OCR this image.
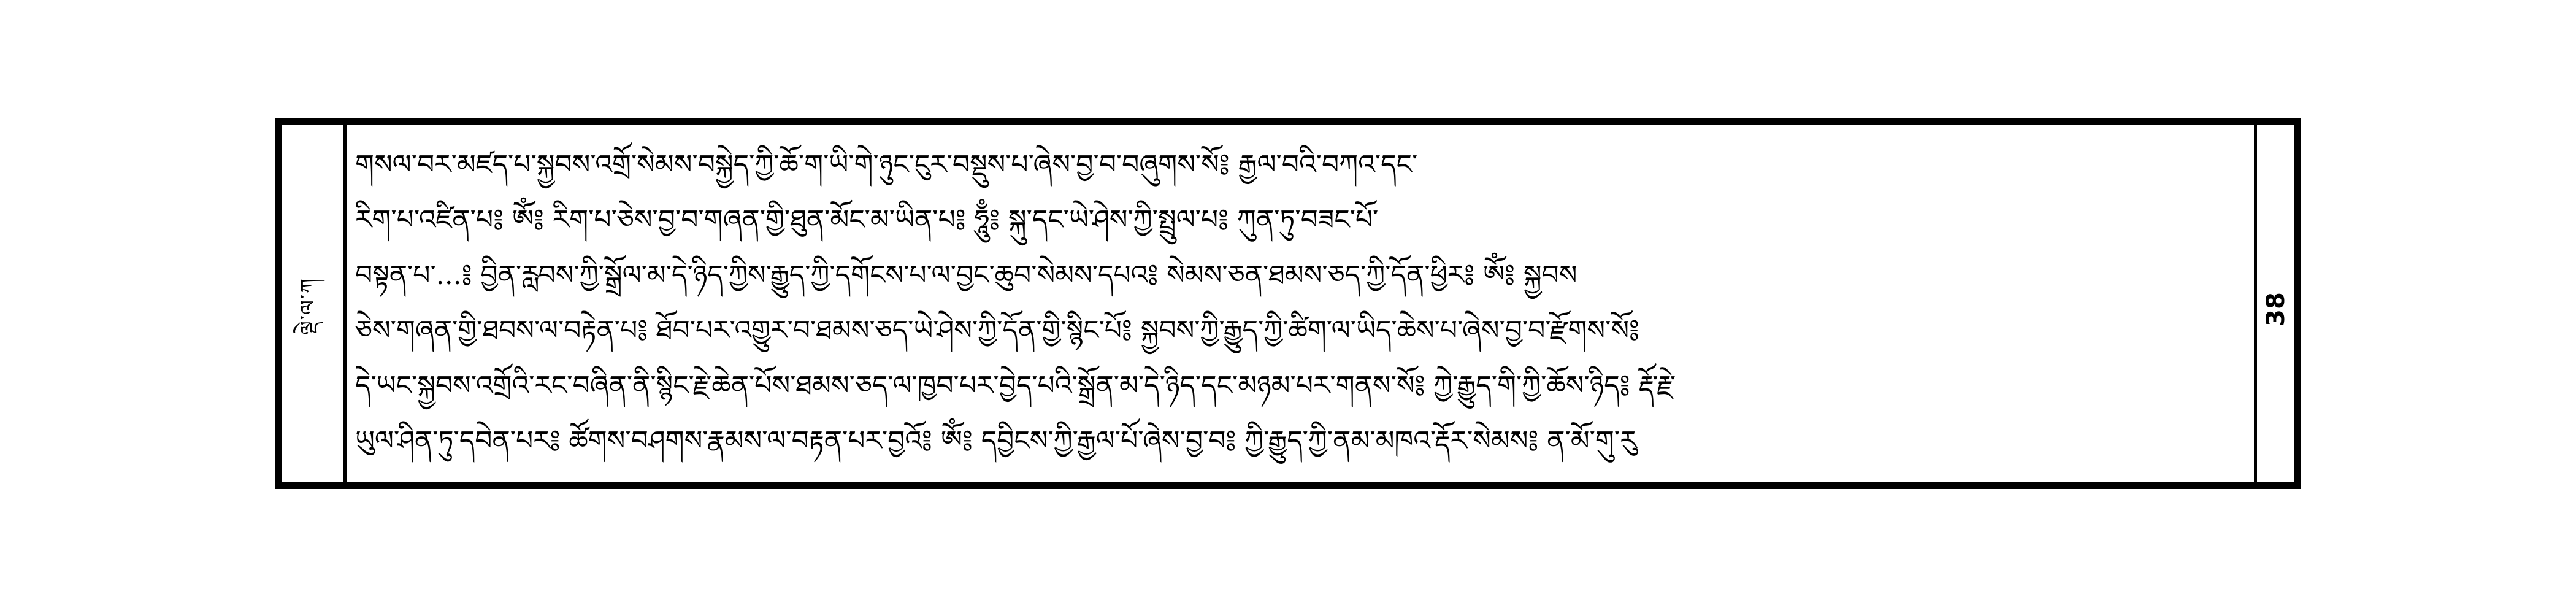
ལྡེ་ལ་ཀ
གསལ་བར་མཛད་པ་སྐྱབས་འགྲོ་སེམས་བསྐྱེད་ཀྱི་ཆོ་ག་ཡི་གེ་ཉུང་ངུར་བསྡུས་པ་ཞེས་བྱ་བ་བཞུགས་སོ༔ རྒྱལ་བའི་བཀའ་དང་
རིག་པ་འཛིན་པ༔ ༀ༔ རིག་པ་ཅེས་བྱ་བ་གཞན་གྱི་ཐུན་མོང་མ་ཡིན་པ༔ ཧཱུྃ༔ སྐུ་དང་ཡེ་ཤེས་ཀྱི་སྤྲུལ་པ༔ ཀུན་ཏུ་བཟང་པོ་
བསྟན་པ་...༔ བྱིན་རླབས་ཀྱི་སྒྲོལ་མ་དེ་ཉིད་ཀྱིས་རྒྱུད་ཀྱི་དགོངས་པ་ལ་བྱང་ཆུབ་སེམས་དཔའ༔ སེམས་ཅན་ཐམས་ཅད་ཀྱི་དོན་ཕྱིར༔ ༀ༔ སྐྱབས
ཅེས་གཞན་གྱི་ཐབས་ལ་བརྟེན་པ༔ ཐོབ་པར་འགྱུར་བ་ཐམས་ཅད་ཡེ་ཤེས་ཀྱི་དོན་གྱི་སྙིང་པོ༔ སྐྱབས་ཀྱི་རྒྱུད་ཀྱི་ཚིག་ལ་ཡིད་ཆེས་པ་ཞེས་བྱ་བ་རྫོགས་སོ༔
དེ་ཡང་སྐྱབས་འགྲོའི་རང་བཞིན་ནི་སྙིང་རྗེ་ཆེན་པོས་ཐམས་ཅད་ལ་ཁྱབ་པར་བྱེད་པའི་སྒྲོན་མ་དེ་ཉིད་དང་མཉམ་པར་གནས་སོ༔ ཀྱེ་རྒྱུད་གི་ཀྱི་ཆོས་ཉིད༔ རྡོ་རྗེ་
ཡུལ་ཤིན་ཏུ་དབེན་པར༔ ཚོགས་བཤགས་རྣམས་ལ་བརྟན་པར་བྱའོ༔ ༀ༔ དབྱིངས་ཀྱི་རྒྱལ་པོ་ཞེས་བྱ་བ༔ ཀྱི་རྒྱུད་ཀྱི་ནམ་མཁའ་རྡོར་སེམས༔ ན་མོ་གུ་རུ
38
